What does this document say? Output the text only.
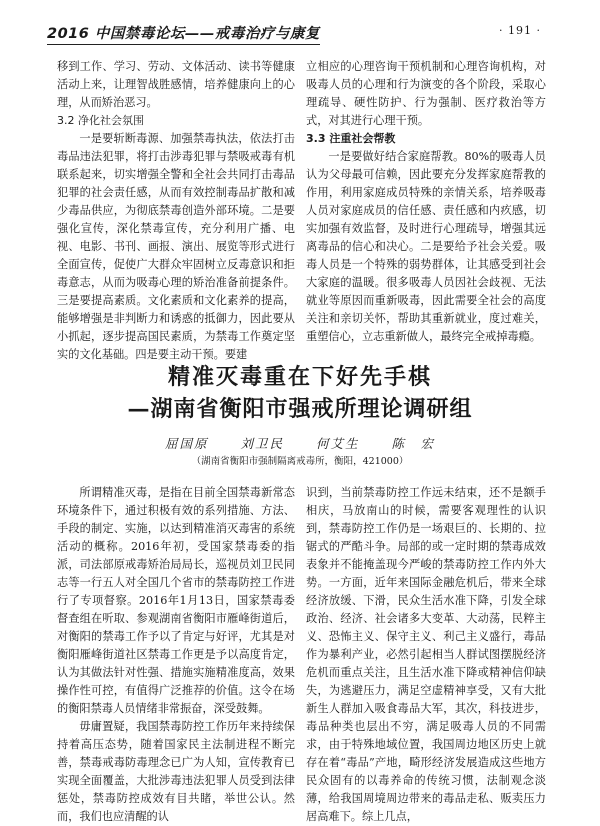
2016 中国禁毒论坛——戒毒治疗与康复	· 191 ·

移到工作、学习、劳动、文体活动、读书等健康活动上来，让理智战胜感情，培养健康向上的心理，从而矫治恶习。

3.2 净化社会氛围

一是要斩断毒源、加强禁毒执法，依法打击毒品违法犯罪，将打击涉毒犯罪与禁吸戒毒有机联系起来，切实增强全警和全社会共同打击毒品犯罪的社会责任感，从而有效控制毒品扩散和减少毒品供应，为彻底禁毒创造外部环境。二是要强化宣传，深化禁毒宣传，充分利用广播、电视、电影、书刊、画报、演出、展览等形式进行全面宣传，促使广大群众牢固树立反毒意识和拒毒意志，从而为吸毒心理的矫治准备前提条件。三是要提高素质。文化素质和文化素养的提高，能够增强是非判断力和诱惑的抵御力，因此要从小抓起，逐步提高国民素质，为禁毒工作奠定坚实的文化基础。四是要主动干预。要建

立相应的心理咨询干预机制和心理咨询机构，对吸毒人员的心理和行为演变的各个阶段，采取心理疏导、硬性防护、行为强制、医疗救治等方式，对其进行心理干预。

3.3 注重社会帮教

一是要做好结合家庭帮教。80%的吸毒人员认为父母最可信赖，因此要充分发挥家庭帮教的作用，利用家庭成员特殊的亲情关系，培养吸毒人员对家庭成员的信任感、责任感和内疚感，切实加强有效监督，及时进行心理疏导，增强其远离毒品的信心和决心。二是要给予社会关爱。吸毒人员是一个特殊的弱势群体，让其感受到社会大家庭的温暖。很多吸毒人员因社会歧视、无法就业等原因而重新吸毒，因此需要全社会的高度关注和亲切关怀，帮助其重新就业，度过难关，重塑信心，立志重新做人，最终完全戒掉毒瘾。

精准灭毒重在下好先手棋
—湖南省衡阳市强戒所理论调研组
屈国原	刘卫民	何艾生	陈　宏
（湖南省衡阳市强制隔离戒毒所，衡阳，421000）

所谓精准灭毒，是指在目前全国禁毒新常态环境条件下，通过积极有效的系列措施、方法、手段的制定、实施，以达到精准消灭毒害的系统活动的概称。2016年初，受国家禁毒委的指派，司法部原戒毒矫治局局长，巡视员刘卫民同志等一行五人对全国几个省市的禁毒防控工作进行了专项督察。2016年1月13日，国家禁毒委督查组在听取、参观湖南省衡阳市雁峰街道后，对衡阳的禁毒工作予以了肯定与好评，尤其是对衡阳雁峰街道社区禁毒工作更是予以高度肯定，认为其做法针对性强、措施实施精准度高，效果操作性可控，有值得广泛推荐的价值。这令在场的衡阳禁毒人员情绪非常振奋，深受鼓舞。

毋庸置疑，我国禁毒防控工作历年来持续保持着高压态势，随着国家民主法制进程不断完善，禁毒戒毒防毒理念已广为人知，宣传教育已实现全面覆盖，大批涉毒违法犯罪人员受到法律惩处，禁毒防控成效有目共睹，举世公认。然而，我们也应清醒的认

识到，当前禁毒防控工作远未结束，还不是额手相庆，马放南山的时候，需要客观理性的认识到，禁毒防控工作仍是一场艰巨的、长期的、拉锯式的严酷斗争。局部的或一定时期的禁毒成效表象并不能掩盖现今严峻的禁毒防控工作内外大势。一方面，近年来国际金融危机后，带来全球经济放缓、下滑，民众生活水准下降，引发全球政治、经济、社会诸多大变革、大动荡，民粹主义、恐怖主义、保守主义、利己主义盛行，毒品作为暴利产业，必然引起相当人群试图摆脱经济危机而重点关注，且生活水准下降或精神信仰缺失，为逃避压力，满足空虚精神享受，又有大批新生人群加入吸食毒品大军，其次，科技进步，毒品种类也层出不穷，满足吸毒人员的不同需求，由于特殊地域位置，我国周边地区历史上就存在着“毒品”产地，畸形经济发展造成这些地方民众固有的以毒养命的传统习惯，法制观念淡薄，给我国周境周边带来的毒品走私、贩卖压力居高难下。综上几点，
